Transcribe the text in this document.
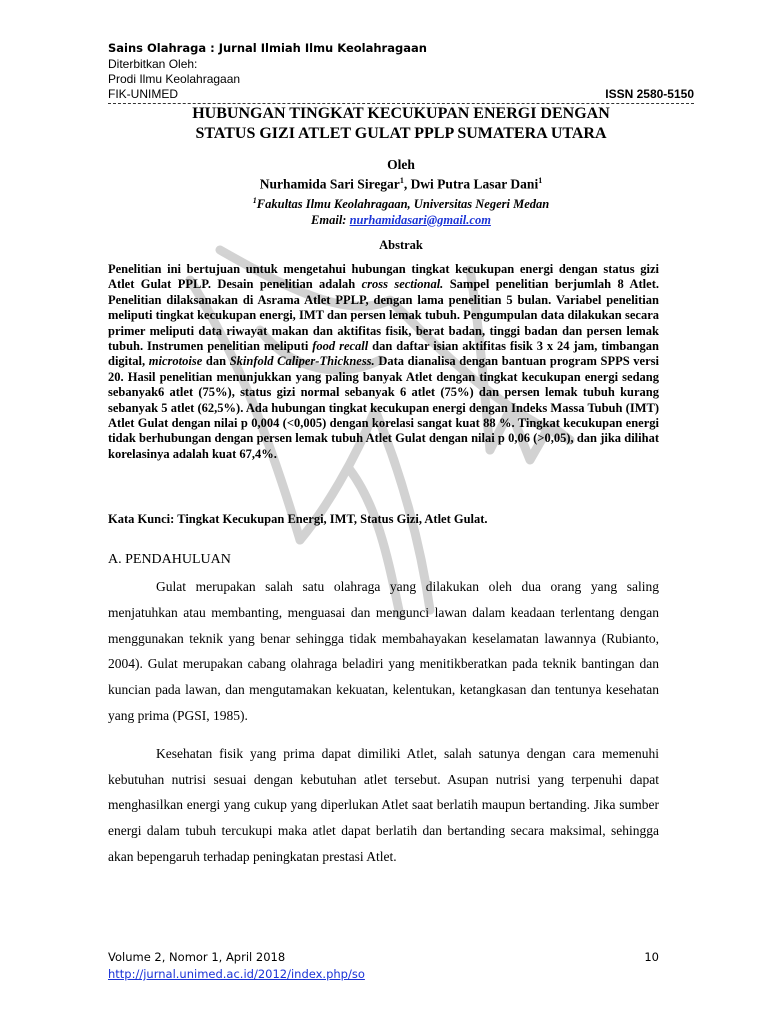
Sains Olahraga : Jurnal Ilmiah Ilmu Keolahragaan
Diterbitkan Oleh:
Prodi Ilmu Keolahragaan
FIK-UNIMED	ISSN 2580-5150
HUBUNGAN TINGKAT KECUKUPAN ENERGI DENGAN
STATUS GIZI ATLET GULAT PPLP SUMATERA UTARA
Oleh
Nurhamida Sari Siregar$^1$, Dwi Putra Lasar Dani$^1$
$^1$Fakultas Ilmu Keolahragaan, Universitas Negeri Medan
Email: nurhamidasari@gmail.com
Abstrak
Penelitian ini bertujuan untuk mengetahui hubungan tingkat kecukupan energi dengan status gizi Atlet Gulat PPLP. Desain penelitian adalah cross sectional. Sampel penelitian berjumlah 8 Atlet. Penelitian dilaksanakan di Asrama Atlet PPLP, dengan lama penelitian 5 bulan. Variabel penelitian meliputi tingkat kecukupan energi, IMT dan persen lemak tubuh. Pengumpulan data dilakukan secara primer meliputi data riwayat makan dan aktifitas fisik, berat badan, tinggi badan dan persen lemak tubuh. Instrumen penelitian meliputi food recall dan daftar isian aktifitas fisik 3 x 24 jam, timbangan digital, microtoise dan Skinfold Caliper-Thickness. Data dianalisa dengan bantuan program SPPS versi 20. Hasil penelitian menunjukkan yang paling banyak Atlet dengan tingkat kecukupan energi sedang sebanyak6 atlet (75%), status gizi normal sebanyak 6 atlet (75%) dan persen lemak tubuh kurang sebanyak 5 atlet (62,5%). Ada hubungan tingkat kecukupan energi dengan Indeks Massa Tubuh (IMT) Atlet Gulat dengan nilai p 0,004 (<0,005) dengan korelasi sangat kuat 88 %. Tingkat kecukupan energi tidak berhubungan dengan persen lemak tubuh Atlet Gulat dengan nilai p 0,06 (>0,05), dan jika dilihat korelasinya adalah kuat 67,4%.
Kata Kunci: Tingkat Kecukupan Energi, IMT, Status Gizi, Atlet Gulat.
A. PENDAHULUAN

Gulat merupakan salah satu olahraga yang dilakukan oleh dua orang yang saling menjatuhkan atau membanting, menguasai dan mengunci lawan dalam keadaan terlentang dengan menggunakan teknik yang benar sehingga tidak membahayakan keselamatan lawannya (Rubianto, 2004). Gulat merupakan cabang olahraga beladiri yang menitikberatkan pada teknik bantingan dan kuncian pada lawan, dan mengutamakan kekuatan, kelentukan, ketangkasan dan tentunya kesehatan yang prima (PGSI, 1985).

Kesehatan fisik yang prima dapat dimiliki Atlet, salah satunya dengan cara memenuhi kebutuhan nutrisi sesuai dengan kebutuhan atlet tersebut. Asupan nutrisi yang terpenuhi dapat menghasilkan energi yang cukup yang diperlukan Atlet saat berlatih maupun bertanding. Jika sumber energi dalam tubuh tercukupi maka atlet dapat berlatih dan bertanding secara maksimal, sehingga akan bepengaruh terhadap peningkatan prestasi Atlet.

Volume 2, Nomor 1, April 2018	10
http://jurnal.unimed.ac.id/2012/index.php/so
